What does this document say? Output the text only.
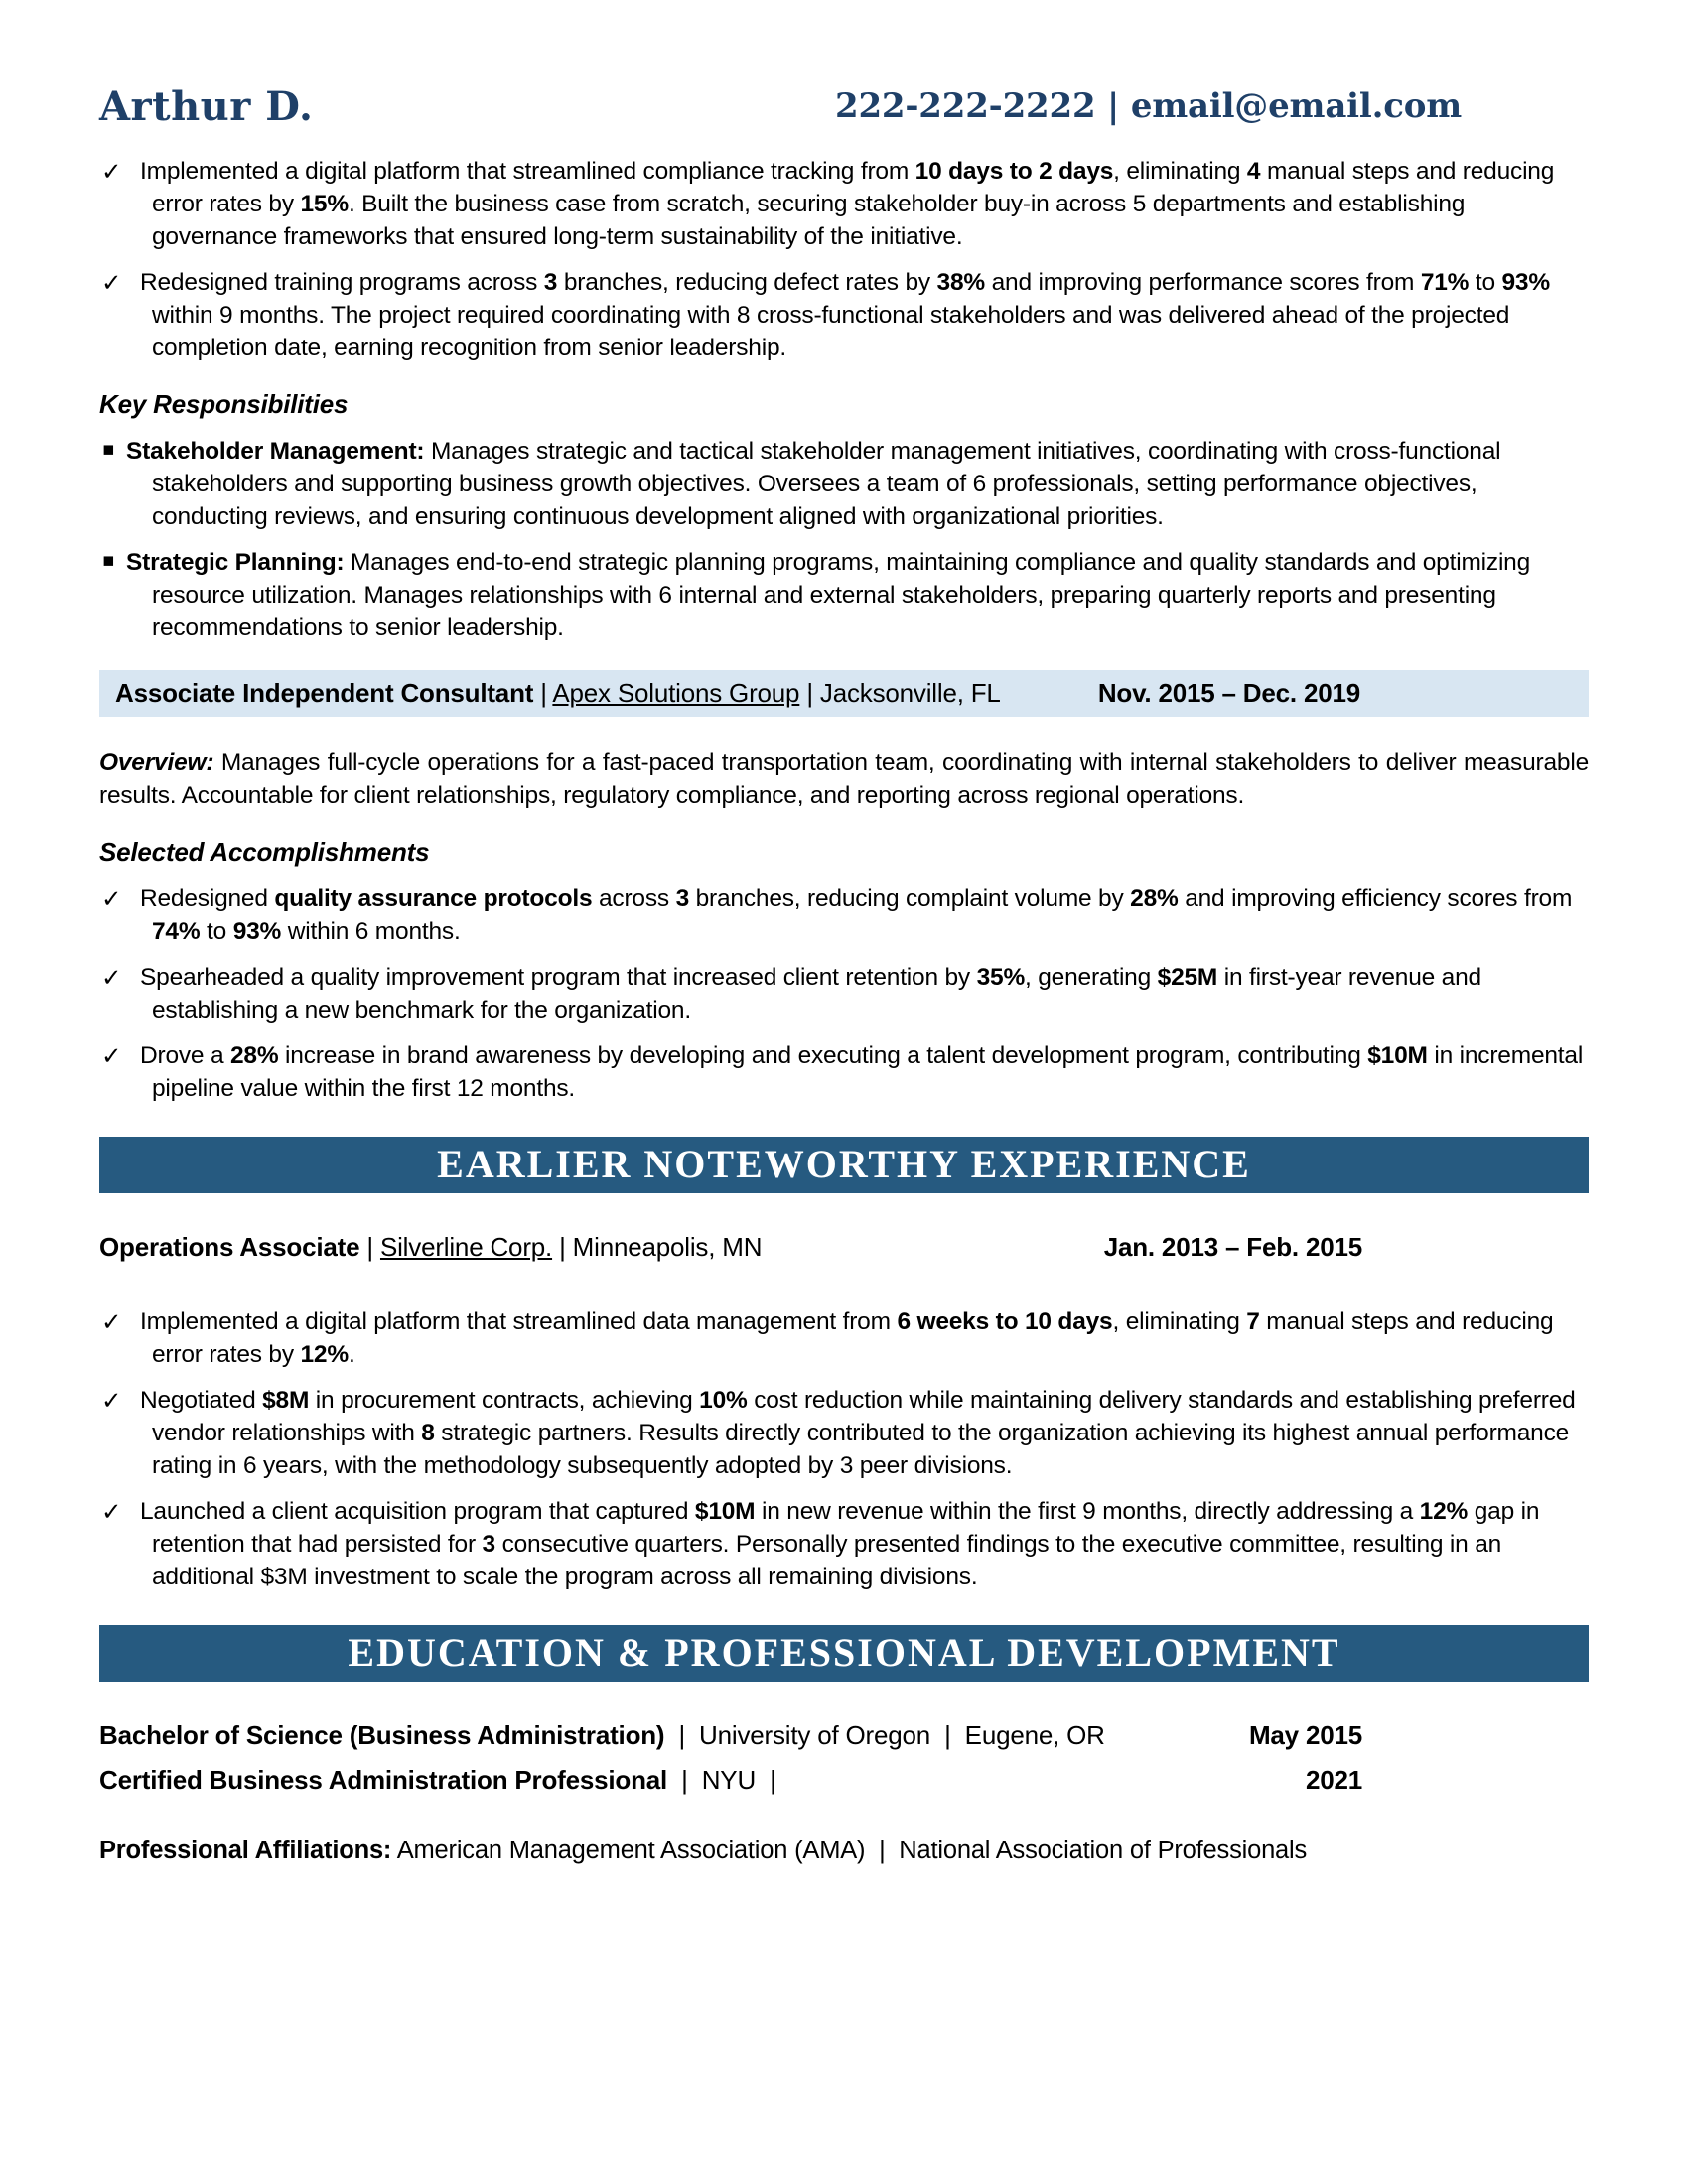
Arthur D.	222-222-2222 | email@email.com
✓ Implemented a digital platform that streamlined compliance tracking from 10 days to 2 days, eliminating 4 manual steps and reducing error rates by 15%. Built the business case from scratch, securing stakeholder buy-in across 5 departments and establishing governance frameworks that ensured long-term sustainability of the initiative.
✓ Redesigned training programs across 3 branches, reducing defect rates by 38% and improving performance scores from 71% to 93% within 9 months. The project required coordinating with 8 cross-functional stakeholders and was delivered ahead of the projected completion date, earning recognition from senior leadership.
Key Responsibilities
▪ Stakeholder Management: Manages strategic and tactical stakeholder management initiatives, coordinating with cross-functional stakeholders and supporting business growth objectives. Oversees a team of 6 professionals, setting performance objectives, conducting reviews, and ensuring continuous development aligned with organizational priorities.
▪ Strategic Planning: Manages end-to-end strategic planning programs, maintaining compliance and quality standards and optimizing resource utilization. Manages relationships with 6 internal and external stakeholders, preparing quarterly reports and presenting recommendations to senior leadership.
Associate Independent Consultant | Apex Solutions Group | Jacksonville, FL	Nov. 2015 – Dec. 2019

Overview: Manages full-cycle operations for a fast-paced transportation team, coordinating with internal stakeholders to deliver measurable results. Accountable for client relationships, regulatory compliance, and reporting across regional operations.

Selected Accomplishments
✓ Redesigned quality assurance protocols across 3 branches, reducing complaint volume by 28% and improving efficiency scores from 74% to 93% within 6 months.
✓ Spearheaded a quality improvement program that increased client retention by 35%, generating $25M in first-year revenue and establishing a new benchmark for the organization.
✓ Drove a 28% increase in brand awareness by developing and executing a talent development program, contributing $10M in incremental pipeline value within the first 12 months.
EARLIER NOTEWORTHY EXPERIENCE
Operations Associate | Silverline Corp. | Minneapolis, MN	Jan. 2013 – Feb. 2015
✓ Implemented a digital platform that streamlined data management from 6 weeks to 10 days, eliminating 7 manual steps and reducing error rates by 12%.
✓ Negotiated $8M in procurement contracts, achieving 10% cost reduction while maintaining delivery standards and establishing preferred vendor relationships with 8 strategic partners. Results directly contributed to the organization achieving its highest annual performance rating in 6 years, with the methodology subsequently adopted by 3 peer divisions.
✓ Launched a client acquisition program that captured $10M in new revenue within the first 9 months, directly addressing a 12% gap in retention that had persisted for 3 consecutive quarters. Personally presented findings to the executive committee, resulting in an additional $3M investment to scale the program across all remaining divisions.
EDUCATION & PROFESSIONAL DEVELOPMENT
Bachelor of Science (Business Administration)  |  University of Oregon  |  Eugene, OR	May 2015
Certified Business Administration Professional  |  NYU  |	2021

Professional Affiliations: American Management Association (AMA)  |  National Association of Professionals
